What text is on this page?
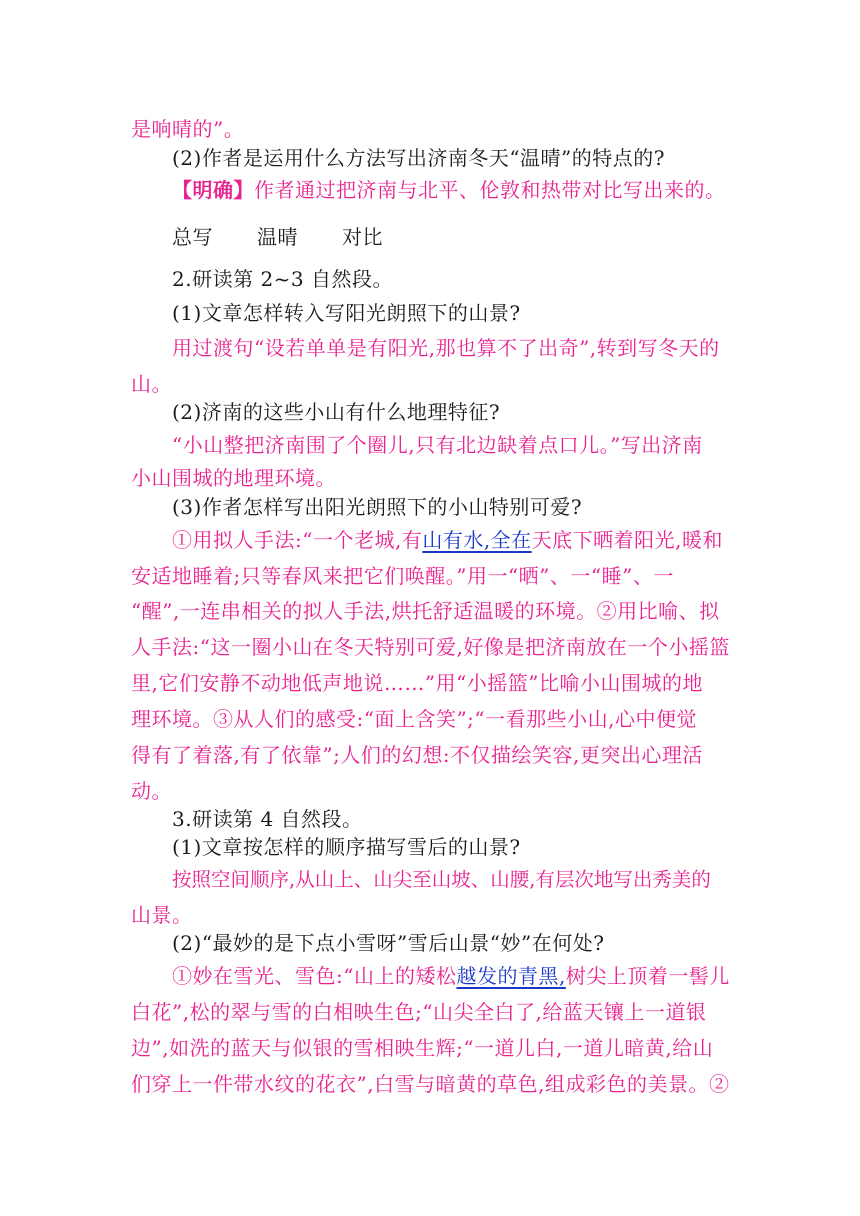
是响晴的”。
(2)作者是运用什么方法写出济南冬天“温晴”的特点的?
【明确】作者通过把济南与北平、伦敦和热带对比写出来的。
总写 温晴 对比
2.研读第 2~3 自然段。
(1)文章怎样转入写阳光朗照下的山景?
用过渡句“设若单单是有阳光,那也算不了出奇”,转到写冬天的
山。
(2)济南的这些小山有什么地理特征?
“小山整把济南围了个圈儿,只有北边缺着点口儿。”写出济南
小山围城的地理环境。
(3)作者怎样写出阳光朗照下的小山特别可爱?
①用拟人手法:“一个老城,有山有水,全在天底下晒着阳光,暖和
安适地睡着;只等春风来把它们唤醒。”用一“晒”、一“睡”、一
“醒”,一连串相关的拟人手法,烘托舒适温暖的环境。②用比喻、拟
人手法:“这一圈小山在冬天特别可爱,好像是把济南放在一个小摇篮
里,它们安静不动地低声地说……”用“小摇篮”比喻小山围城的地
理环境。③从人们的感受:“面上含笑”;“一看那些小山,心中便觉
得有了着落,有了依靠”;人们的幻想:不仅描绘笑容,更突出心理活
动。
3.研读第 4 自然段。
(1)文章按怎样的顺序描写雪后的山景?
按照空间顺序,从山上、山尖至山坡、山腰,有层次地写出秀美的
山景。
(2)“最妙的是下点小雪呀”雪后山景“妙”在何处?
①妙在雪光、雪色:“山上的矮松越发的青黑,树尖上顶着一髻儿
白花”,松的翠与雪的白相映生色;“山尖全白了,给蓝天镶上一道银
边”,如洗的蓝天与似银的雪相映生辉;“一道儿白,一道儿暗黄,给山
们穿上一件带水纹的花衣”,白雪与暗黄的草色,组成彩色的美景。②
